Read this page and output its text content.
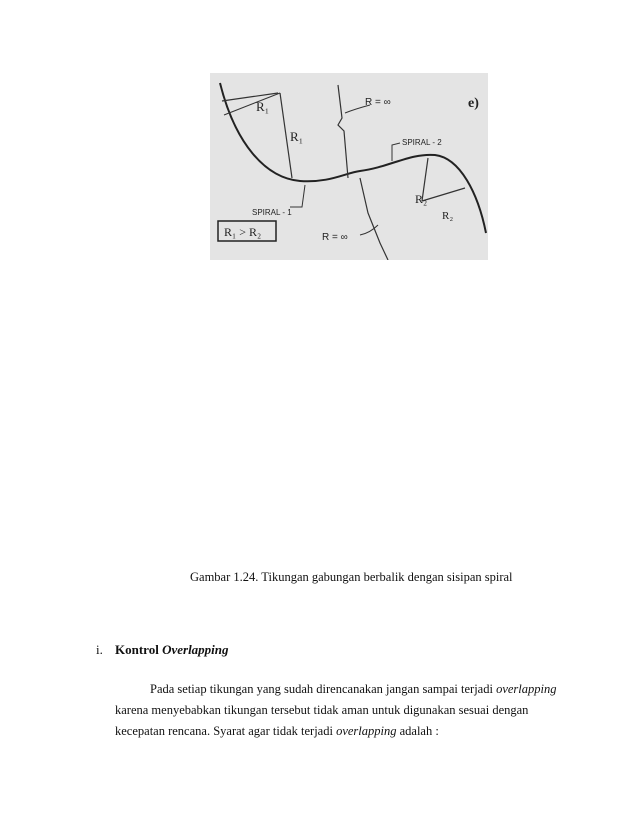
R₁
R₁
R = ∞	e)
SPIRAL - 2
R₂
R₂
SPIRAL - 1
R = ∞
R₁ > R₂
Gambar 1.24. Tikungan gabungan berbalik dengan sisipan spiral
i. Kontrol Overlapping
Pada setiap tikungan yang sudah direncanakan jangan sampai terjadi overlapping
karena menyebabkan tikungan tersebut tidak aman untuk digunakan sesuai dengan
kecepatan rencana. Syarat agar tidak terjadi overlapping adalah :
